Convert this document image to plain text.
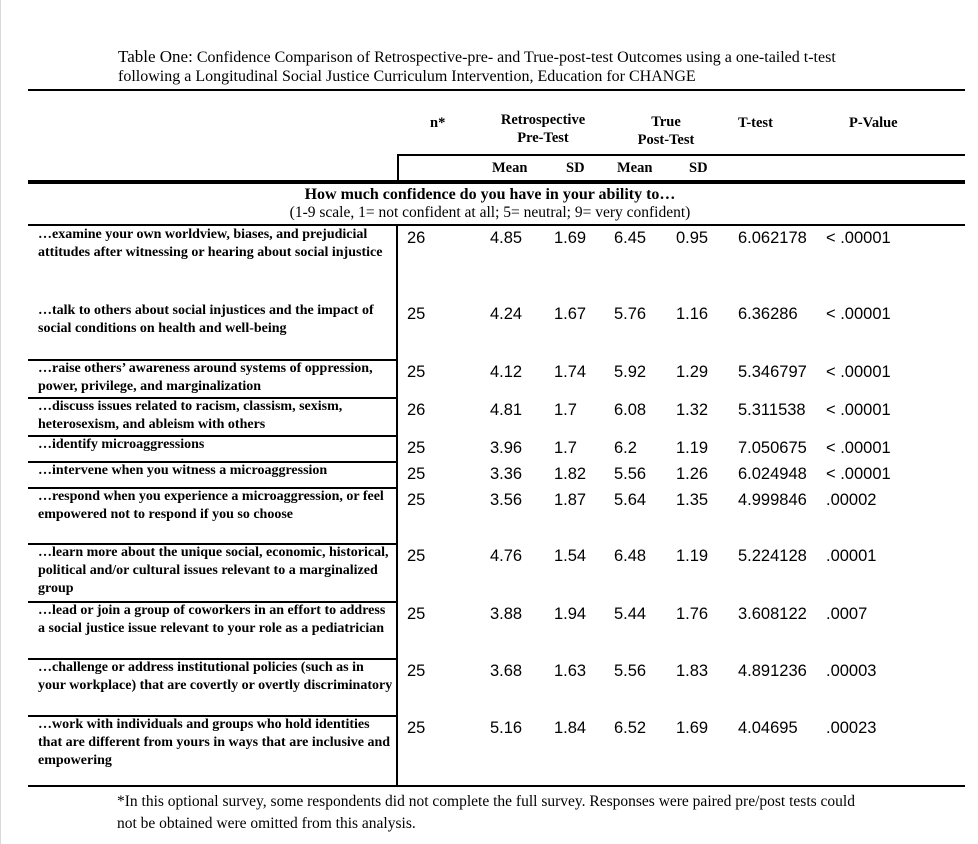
Table One: Confidence Comparison of Retrospective-pre- and True-post-test Outcomes using a one-tailed t-test following a Longitudinal Social Justice Curriculum Intervention, Education for CHANGE
n*	Retrospective
Pre-Test
True
Post-Test
T-test	P-Value
Mean	SD Mean	SD
How much confidence do you have in your ability to…
(1-9 scale, 1= not confident at all; 5= neutral; 9= very confident)
…examine your own worldview, biases, and prejudicial attitudes after witnessing or hearing about social injustice
26	4.85 1.69 6.45 0.95 6.062178 < .00001
…talk to others about social injustices and the impact of social conditions on health and well-being
25	4.24 1.67 5.76 1.16 6.36286 < .00001
…raise others’ awareness around systems of oppression, power, privilege, and marginalization
25	4.12 1.74 5.92 1.29 5.346797 < .00001
…discuss issues related to racism, classism, sexism, heterosexism, and ableism with others
26	4.81 1.7 6.08 1.32 5.311538 < .00001
…identify microaggressions	25	3.96 1.7 6.2 1.19 7.050675 < .00001
…intervene when you witness a microaggression	25	3.36 1.82 5.56 1.26 6.024948 < .00001
…respond when you experience a microaggression, or feel empowered not to respond if you so choose
25	3.56 1.87 5.64 1.35 4.999846 .00002
…learn more about the unique social, economic, historical, political and/or cultural issues relevant to a marginalized group
25	4.76 1.54 6.48 1.19 5.224128 .00001
…lead or join a group of coworkers in an effort to address a social justice issue relevant to your role as a pediatrician
25	3.88 1.94 5.44 1.76 3.608122 .0007
…challenge or address institutional policies (such as in your workplace) that are covertly or overtly discriminatory
25	3.68 1.63 5.56 1.83 4.891236 .00003
…work with individuals and groups who hold identities that are different from yours in ways that are inclusive and empowering
25	5.16 1.84 6.52 1.69 4.04695 .00023
*In this optional survey, some respondents did not complete the full survey. Responses were paired pre/post tests could not be obtained were omitted from this analysis.
